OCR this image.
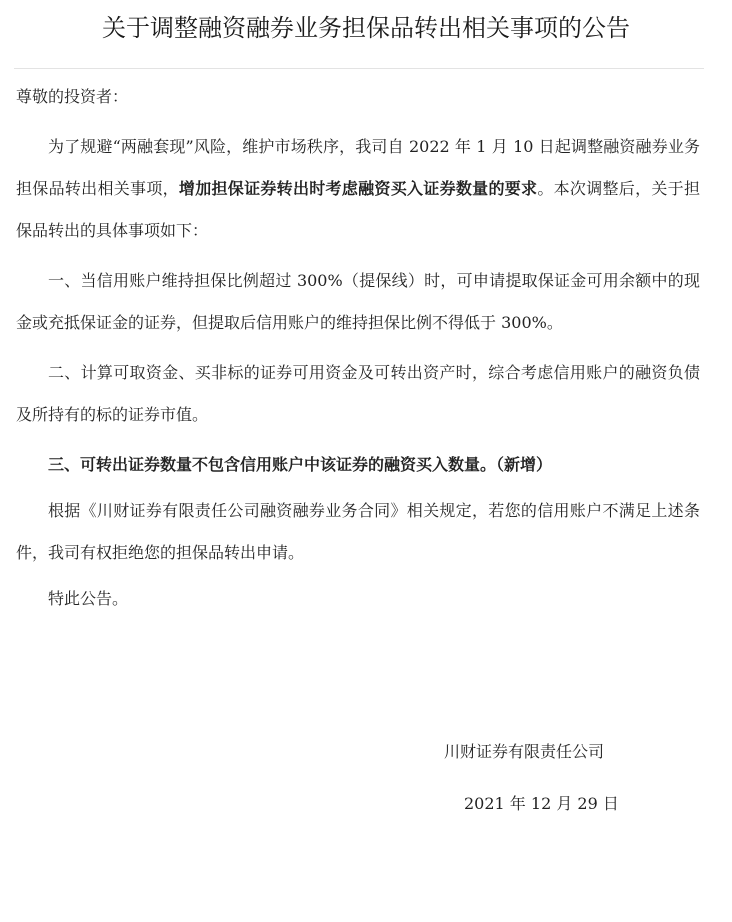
关于调整融资融券业务担保品转出相关事项的公告

尊敬的投资者：

为了规避“两融套现”风险，维护市场秩序，我司自 2022 年 1 月 10 日起调整融资融券业务担保品转出相关事项，增加担保证券转出时考虑融资买入证券数量的要求。本次调整后，关于担保品转出的具体事项如下：

一、当信用账户维持担保比例超过 300%（提保线）时，可申请提取保证金可用余额中的现金或充抵保证金的证券，但提取后信用账户的维持担保比例不得低于 300%。

二、计算可取资金、买非标的证券可用资金及可转出资产时，综合考虑信用账户的融资负债及所持有的标的证券市值。

三、可转出证券数量不包含信用账户中该证券的融资买入数量。（新增）

根据《川财证券有限责任公司融资融券业务合同》相关规定，若您的信用账户不满足上述条件，我司有权拒绝您的担保品转出申请。

特此公告。

川财证券有限责任公司
2021 年 12 月 29 日
